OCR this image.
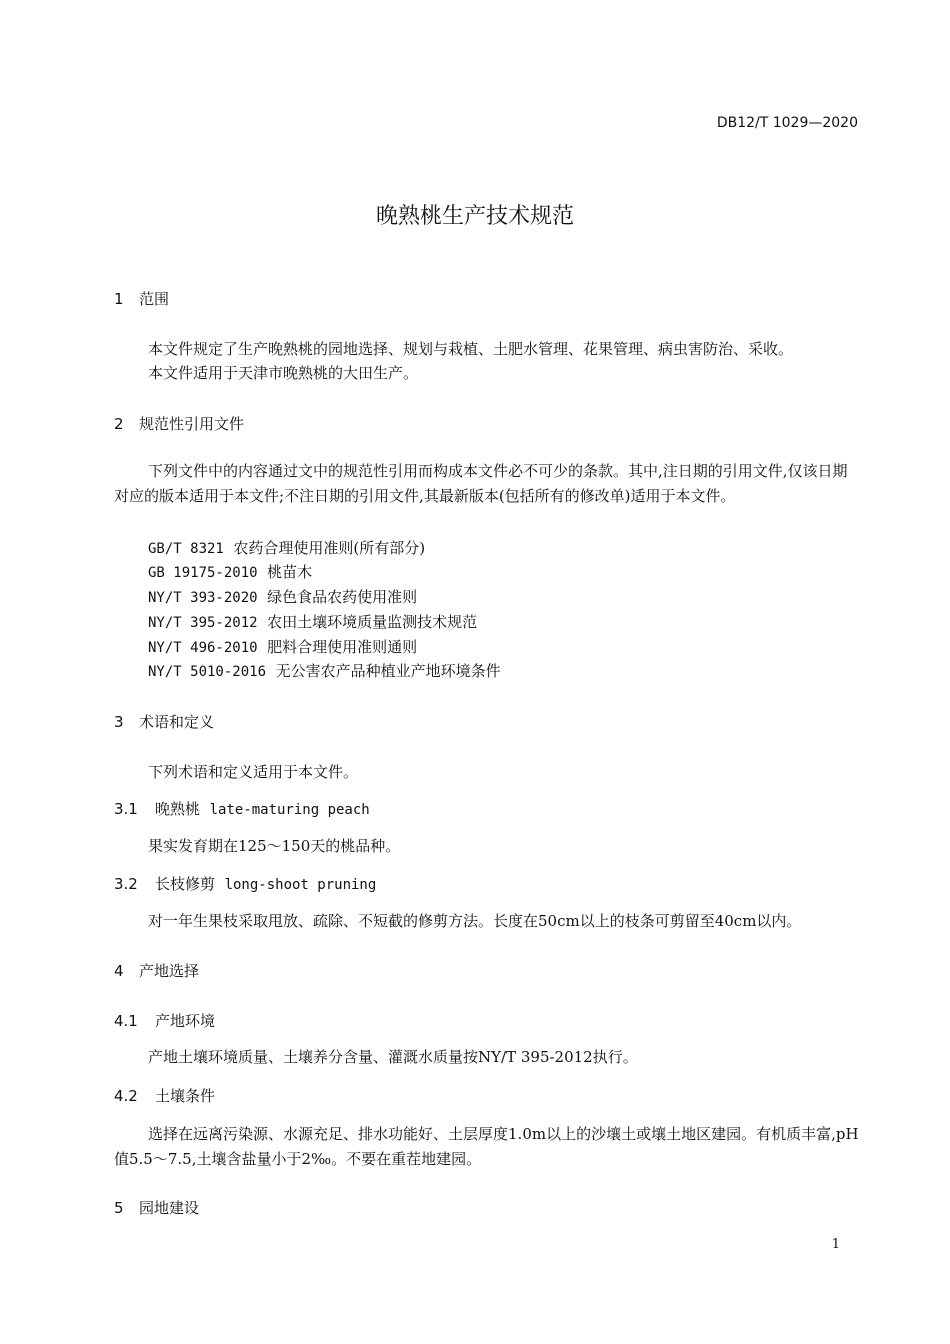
DB12/T 1029—2020
晚熟桃生产技术规范
1 范围
本文件规定了生产晚熟桃的园地选择、规划与栽植、土肥水管理、花果管理、病虫害防治、采收。
本文件适用于天津市晚熟桃的大田生产。
2 规范性引用文件
下列文件中的内容通过文中的规范性引用而构成本文件必不可少的条款。其中,注日期的引用文件,仅该日期对应的版本适用于本文件;不注日期的引用文件,其最新版本(包括所有的修改单)适用于本文件。
GB/T 8321 农药合理使用准则(所有部分)
GB 19175-2010 桃苗木
NY/T 393-2020 绿色食品农药使用准则
NY/T 395-2012 农田土壤环境质量监测技术规范
NY/T 496-2010 肥料合理使用准则通则
NY/T 5010-2016 无公害农产品种植业产地环境条件
3 术语和定义
下列术语和定义适用于本文件。
3.1 晚熟桃 late-maturing peach
果实发育期在125～150天的桃品种。
3.2 长枝修剪 long-shoot pruning
对一年生果枝采取甩放、疏除、不短截的修剪方法。长度在50cm以上的枝条可剪留至40cm以内。
4 产地选择
4.1 产地环境
产地土壤环境质量、土壤养分含量、灌溉水质量按NY/T 395-2012执行。
4.2 土壤条件
选择在远离污染源、水源充足、排水功能好、土层厚度1.0m以上的沙壤土或壤土地区建园。有机质丰富,pH值5.5～7.5,土壤含盐量小于2‰。不要在重茬地建园。
5 园地建设
1
